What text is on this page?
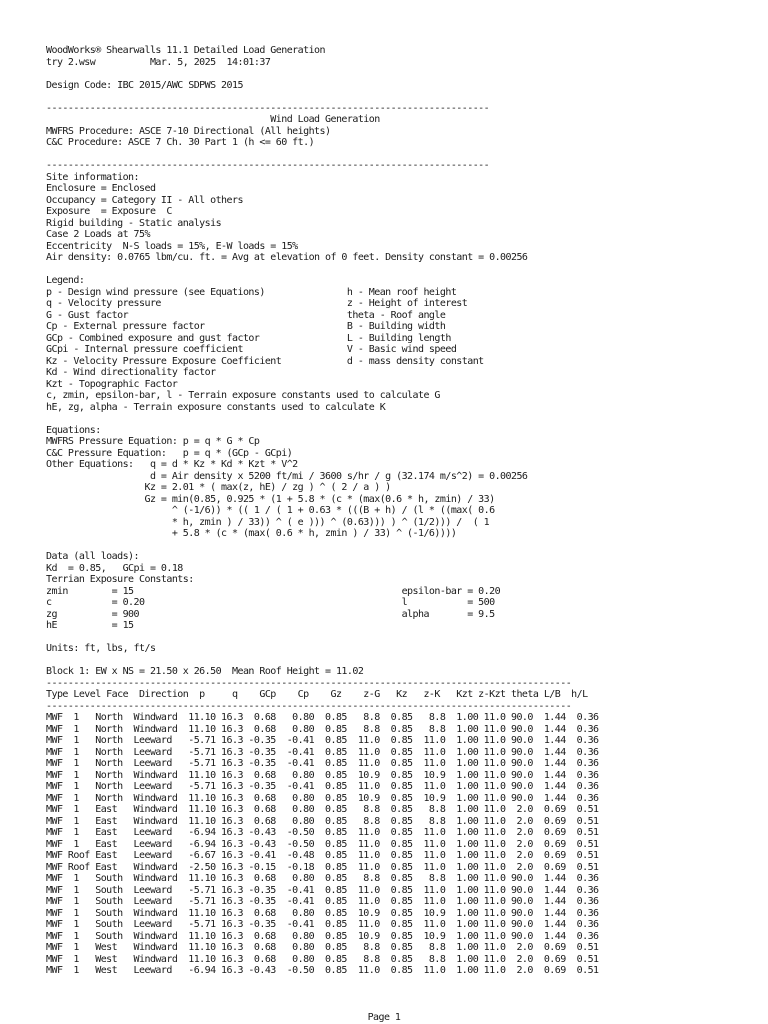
WoodWorks® Shearwalls 11.1 Detailed Load Generation
try 2.wsw          Mar. 5, 2025  14:01:37
Design Code: IBC 2015/AWC SDPWS 2015
---------------------------------------------------------------------------------
Wind Load Generation
MWFRS Procedure: ASCE 7-10 Directional (All heights)
C&C Procedure: ASCE 7 Ch. 30 Part 1 (h <= 60 ft.)
---------------------------------------------------------------------------------
Site information:
Enclosure = Enclosed
Occupancy = Category II - All others
Exposure  = Exposure  C
Rigid building - Static analysis
Case 2 Loads at 75%
Eccentricity  N-S loads = 15%, E-W loads = 15%
Air density: 0.0765 lbm/cu. ft. = Avg at elevation of 0 feet. Density constant = 0.00256
Legend:
p - Design wind pressure (see Equations)               h - Mean roof height
q - Velocity pressure                                  z - Height of interest
G - Gust factor                                        theta - Roof angle
Cp - External pressure factor                          B - Building width
GCp - Combined exposure and gust factor                L - Building length
GCpi - Internal pressure coefficient                   V - Basic wind speed
Kz - Velocity Pressure Exposure Coefficient            d - mass density constant
Kd - Wind directionality factor
Kzt - Topographic Factor
c, zmin, epsilon-bar, l - Terrain exposure constants used to calculate G
hE, zg, alpha - Terrain exposure constants used to calculate K
Equations:
MWFRS Pressure Equation: p = q * G * Cp
C&C Pressure Equation:   p = q * (GCp - GCpi)
Other Equations:   q = d * Kz * Kd * Kzt * V^2
d = Air density x 5200 ft/mi / 3600 s/hr / g (32.174 m/s^2) = 0.00256
Kz = 2.01 * ( max(z, hE) / zg ) ^ ( 2 / a ) )
Gz = min(0.85, 0.925 * (1 + 5.8 * (c * (max(0.6 * h, zmin) / 33)
^ (-1/6)) * (( 1 / ( 1 + 0.63 * (((B + h) / (l * ((max( 0.6
* h, zmin ) / 33)) ^ ( e ))) ^ (0.63))) ) ^ (1/2))) /  ( 1
+ 5.8 * (c * (max( 0.6 * h, zmin ) / 33) ^ (-1/6))))
Data (all loads):
Kd  = 0.85,   GCpi = 0.18
Terrian Exposure Constants:
zmin        = 15                                                 epsilon-bar = 0.20
c           = 0.20                                               l           = 500
zg          = 900                                                alpha       = 9.5
hE          = 15
Units: ft, lbs, ft/s
Block 1: EW x NS = 21.50 x 26.50  Mean Roof Height = 11.02
------------------------------------------------------------------------------------------------
Type Level Face  Direction  p     q    GCp    Cp    Gz    z-G   Kz   z-K   Kzt z-Kzt theta L/B  h/L
------------------------------------------------------------------------------------------------
MWF  1   North  Windward  11.10 16.3  0.68   0.80  0.85   8.8  0.85   8.8  1.00 11.0 90.0  1.44  0.36
MWF  1   North  Windward  11.10 16.3  0.68   0.80  0.85   8.8  0.85   8.8  1.00 11.0 90.0  1.44  0.36
MWF  1   North  Leeward   -5.71 16.3 -0.35  -0.41  0.85  11.0  0.85  11.0  1.00 11.0 90.0  1.44  0.36
MWF  1   North  Leeward   -5.71 16.3 -0.35  -0.41  0.85  11.0  0.85  11.0  1.00 11.0 90.0  1.44  0.36
MWF  1   North  Leeward   -5.71 16.3 -0.35  -0.41  0.85  11.0  0.85  11.0  1.00 11.0 90.0  1.44  0.36
MWF  1   North  Windward  11.10 16.3  0.68   0.80  0.85  10.9  0.85  10.9  1.00 11.0 90.0  1.44  0.36
MWF  1   North  Leeward   -5.71 16.3 -0.35  -0.41  0.85  11.0  0.85  11.0  1.00 11.0 90.0  1.44  0.36
MWF  1   North  Windward  11.10 16.3  0.68   0.80  0.85  10.9  0.85  10.9  1.00 11.0 90.0  1.44  0.36
MWF  1   East   Windward  11.10 16.3  0.68   0.80  0.85   8.8  0.85   8.8  1.00 11.0  2.0  0.69  0.51
MWF  1   East   Windward  11.10 16.3  0.68   0.80  0.85   8.8  0.85   8.8  1.00 11.0  2.0  0.69  0.51
MWF  1   East   Leeward   -6.94 16.3 -0.43  -0.50  0.85  11.0  0.85  11.0  1.00 11.0  2.0  0.69  0.51
MWF  1   East   Leeward   -6.94 16.3 -0.43  -0.50  0.85  11.0  0.85  11.0  1.00 11.0  2.0  0.69  0.51
MWF Roof East   Leeward   -6.67 16.3 -0.41  -0.48  0.85  11.0  0.85  11.0  1.00 11.0  2.0  0.69  0.51
MWF Roof East   Windward  -2.50 16.3 -0.15  -0.18  0.85  11.0  0.85  11.0  1.00 11.0  2.0  0.69  0.51
MWF  1   South  Windward  11.10 16.3  0.68   0.80  0.85   8.8  0.85   8.8  1.00 11.0 90.0  1.44  0.36
MWF  1   South  Leeward   -5.71 16.3 -0.35  -0.41  0.85  11.0  0.85  11.0  1.00 11.0 90.0  1.44  0.36
MWF  1   South  Leeward   -5.71 16.3 -0.35  -0.41  0.85  11.0  0.85  11.0  1.00 11.0 90.0  1.44  0.36
MWF  1   South  Windward  11.10 16.3  0.68   0.80  0.85  10.9  0.85  10.9  1.00 11.0 90.0  1.44  0.36
MWF  1   South  Leeward   -5.71 16.3 -0.35  -0.41  0.85  11.0  0.85  11.0  1.00 11.0 90.0  1.44  0.36
MWF  1   South  Windward  11.10 16.3  0.68   0.80  0.85  10.9  0.85  10.9  1.00 11.0 90.0  1.44  0.36
MWF  1   West   Windward  11.10 16.3  0.68   0.80  0.85   8.8  0.85   8.8  1.00 11.0  2.0  0.69  0.51
MWF  1   West   Windward  11.10 16.3  0.68   0.80  0.85   8.8  0.85   8.8  1.00 11.0  2.0  0.69  0.51
MWF  1   West   Leeward   -6.94 16.3 -0.43  -0.50  0.85  11.0  0.85  11.0  1.00 11.0  2.0  0.69  0.51
Page 1
